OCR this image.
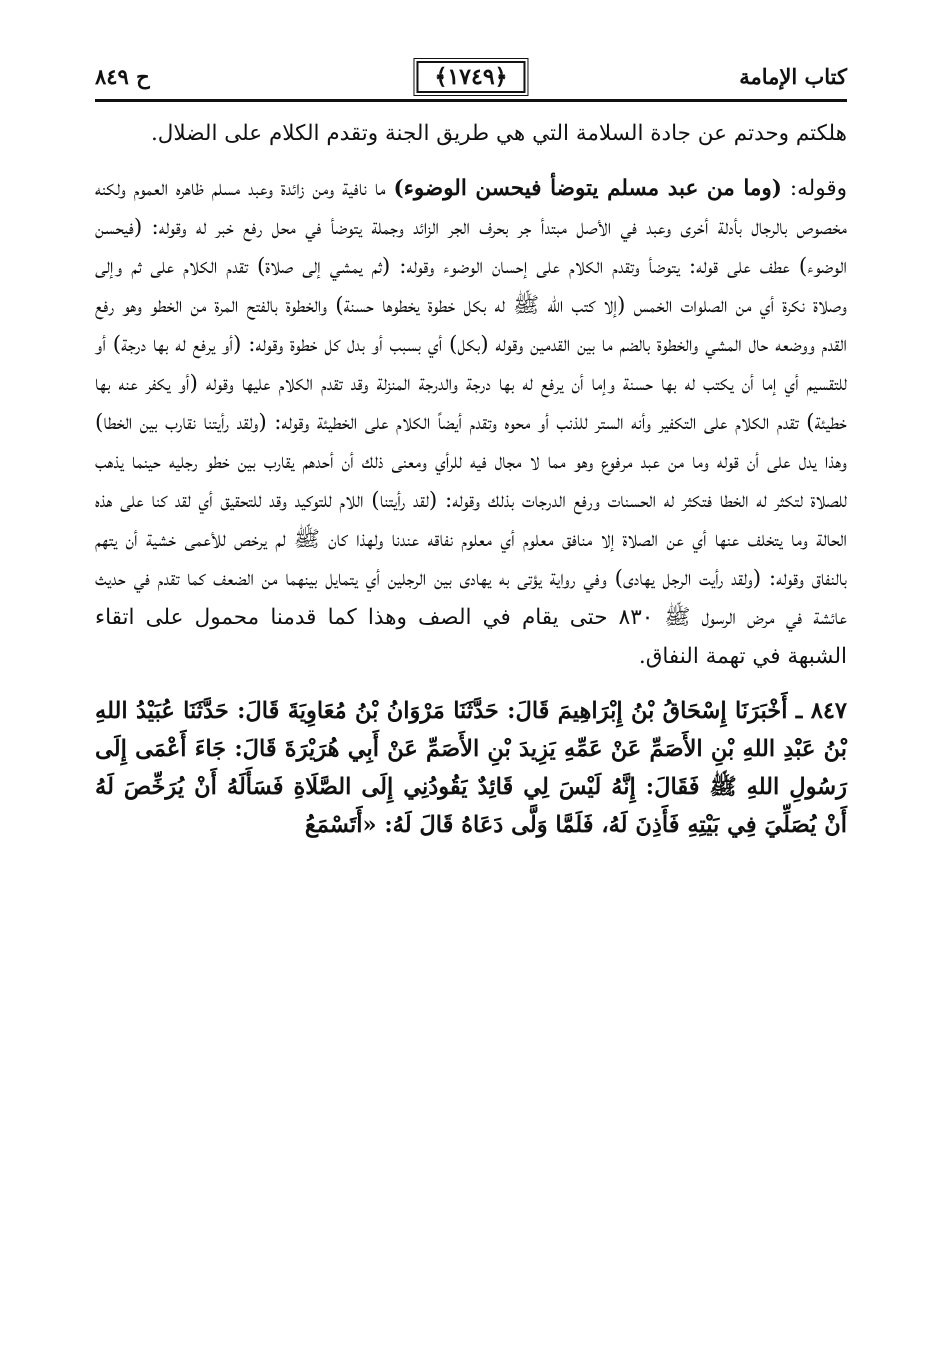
كتاب الإمامة
﴿١٧٤٩﴾
ح ٨٤٩

هلكتم وحدتم عن جادة السلامة التي هي طريق الجنة وتقدم الكلام على الضلال.

وقوله: (وما من عبد مسلم يتوضأ فيحسن الوضوء) ما نافية ومن زائدة وعبد مسلم ظاهره العموم ولكنه مخصوص بالرجال بأدلة أخرى وعبد في الأصل مبتدأ جر بحرف الجر الزائد وجملة يتوضأ في محل رفع خبر له وقوله: (فيحسن الوضوء) عطف على قوله: يتوضأ وتقدم الكلام على إحسان الوضوء وقوله: (ثم يمشي إلى صلاة) تقدم الكلام على ثم وإلى وصلاة نكرة أي من الصلوات الخمس (إلا كتب الله ﷺ له بكل خطوة يخطوها حسنة) والخطوة بالفتح المرة من الخطو وهو رفع القدم ووضعه حال المشي والخطوة بالضم ما بين القدمين وقوله (بكل) أي بسبب أو بدل كل خطوة وقوله: (أو يرفع له بها درجة) أو للتقسيم أي إما أن يكتب له بها حسنة وإما أن يرفع له بها درجة والدرجة المنزلة وقد تقدم الكلام عليها وقوله (أو يكفر عنه بها خطيئة) تقدم الكلام على التكفير وأنه الستر للذنب أو محوه وتقدم أيضاً الكلام على الخطيئة وقوله: (ولقد رأيتنا نقارب بين الخطا) وهذا يدل على أن قوله وما من عبد مرفوع وهو مما لا مجال فيه للرأي ومعنى ذلك أن أحدهم يقارب بين خطو رجليه حينما يذهب للصلاة لتكثر له الخطا فتكثر له الحسنات ورفع الدرجات بذلك وقوله: (لقد رأيتنا) اللام للتوكيد وقد للتحقيق أي لقد كنا على هذه الحالة وما يتخلف عنها أي عن الصلاة إلا منافق معلوم أي معلوم نفاقه عندنا ولهذا كان ﷺ لم يرخص للأعمى خشية أن يتهم بالنفاق وقوله: (ولقد رأيت الرجل يهادى) وفي رواية يؤتى به يهادى بين الرجلين أي يتمايل بينهما من الضعف كما تقدم في حديث عائشة في مرض الرسول ﷺ ٨٣٠ حتى يقام في الصف وهذا كما قدمنا محمول على اتقاء الشبهة في تهمة النفاق.

٨٤٧ ـ أَخْبَرَنَا إِسْحَاقُ بْنُ إِبْرَاهِيمَ قَالَ: حَدَّثَنَا مَرْوَانُ بْنُ مُعَاوِيَةَ قَالَ: حَدَّثَنَا عُبَيْدُ اللهِ بْنُ عَبْدِ اللهِ بْنِ الأَصَمِّ عَنْ عَمِّهِ يَزِيدَ بْنِ الأَصَمِّ عَنْ أَبِي هُرَيْرَةَ قَالَ: جَاءَ أَعْمَى إِلَى رَسُولِ اللهِ ﷺ فَقَالَ: إِنَّهُ لَيْسَ لِي قَائِدٌ يَقُودُنِي إِلَى الصَّلَاةِ فَسَأَلَهُ أَنْ يُرَخِّصَ لَهُ أَنْ يُصَلِّيَ فِي بَيْتِهِ فَأَذِنَ لَهُ، فَلَمَّا وَلَّى دَعَاهُ قَالَ لَهُ: «أَتَسْمَعُ
